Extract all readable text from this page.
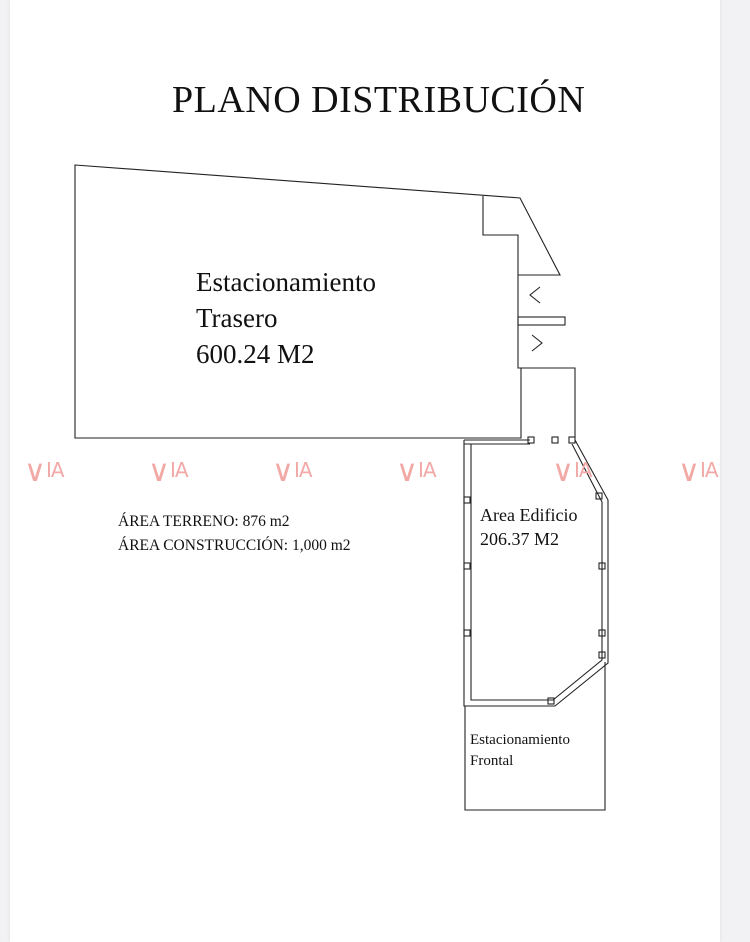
PLANO DISTRIBUCIÓN
Estacionamiento
Trasero
600.24 M2
Area Edificio
206.37 M2
Estacionamiento
Frontal
ÁREA TERRENO: 876 m2
ÁREA CONSTRUCCIÓN: 1,000 m2
∨IA	∨IA	∨IA	∨IA	∨IA	∨IA
